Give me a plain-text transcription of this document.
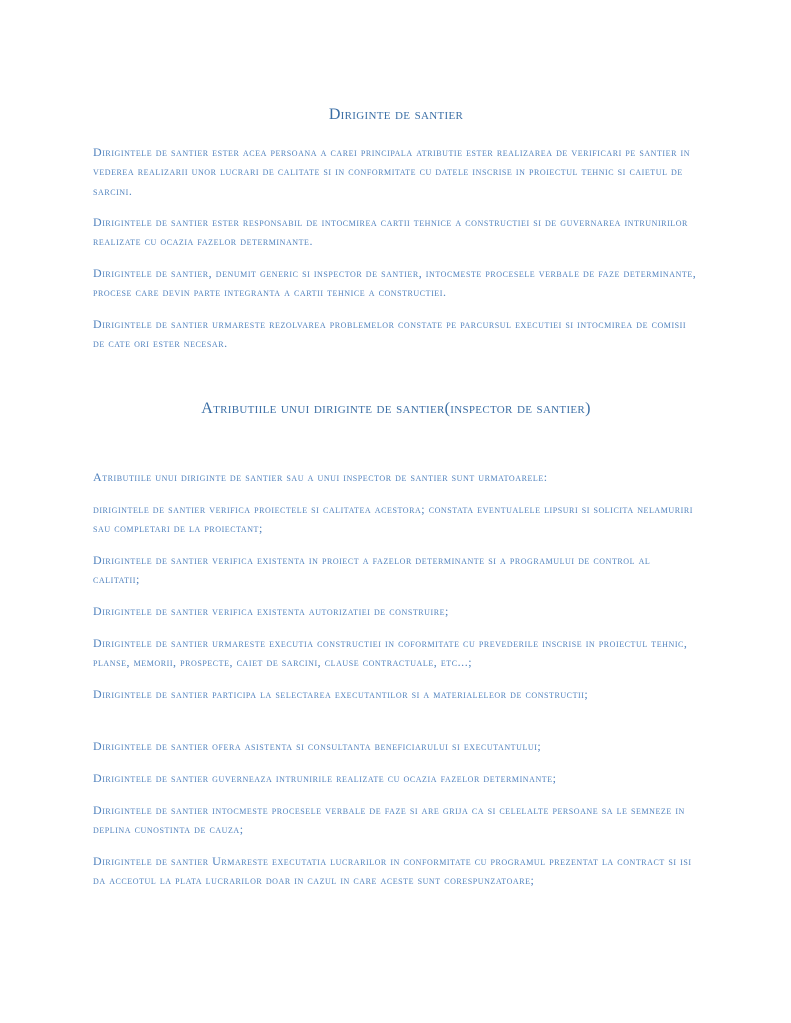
Diriginte de santier

Dirigintele de santier ester acea persoana a carei principala atributie ester realizarea de verificari pe santier in vederea realizarii unor lucrari de calitate si in conformitate cu datele inscrise in proiectul tehnic si caietul de sarcini.

Dirigintele de santier ester responsabil de intocmirea cartii tehnice a constructiei si de guvernarea intrunirilor realizate cu ocazia fazelor determinante.

Dirigintele de santier, denumit generic si inspector de santier, intocmeste procesele verbale de faze determinante, procese care devin parte integranta a cartii tehnice a constructiei.

Dirigintele de santier urmareste rezolvarea problemelor constate pe parcursul executiei si intocmirea de comisii de cate ori ester necesar.

Atributiile unui diriginte de santier(inspector de santier)

Atributiile unui diriginte de santier sau a unui inspector de santier sunt urmatoarele:

dirigintele de santier verifica proiectele si calitatea acestora; constata eventualele lipsuri si solicita nelamuriri sau completari de la proiectant;

Dirigintele de santier verifica existenta in proiect a fazelor determinante si a programului de control al calitatii;

Dirigintele de santier verifica existenta autorizatiei de construire;

Dirigintele de santier urmareste executia constructiei in coformitate cu prevederile inscrise in proiectul tehnic, planse, memorii, prospecte, caiet de sarcini, clause contractuale, etc...;

Dirigintele de santier participa la selectarea executantilor si a materialeleor de constructii;

Dirigintele de santier ofera asistenta si consultanta beneficiarului si executantului;

Dirigintele de santier guverneaza intrunirile realizate cu ocazia fazelor determinante;

Dirigintele de santier intocmeste procesele verbale de faze si are grija ca si celelalte persoane sa le semneze in deplina cunostinta de cauza;

Dirigintele de santier Urmareste executatia lucrarilor in conformitate cu programul prezentat la contract si isi da acceotul la plata lucrarilor doar in cazul in care aceste sunt corespunzatoare;
